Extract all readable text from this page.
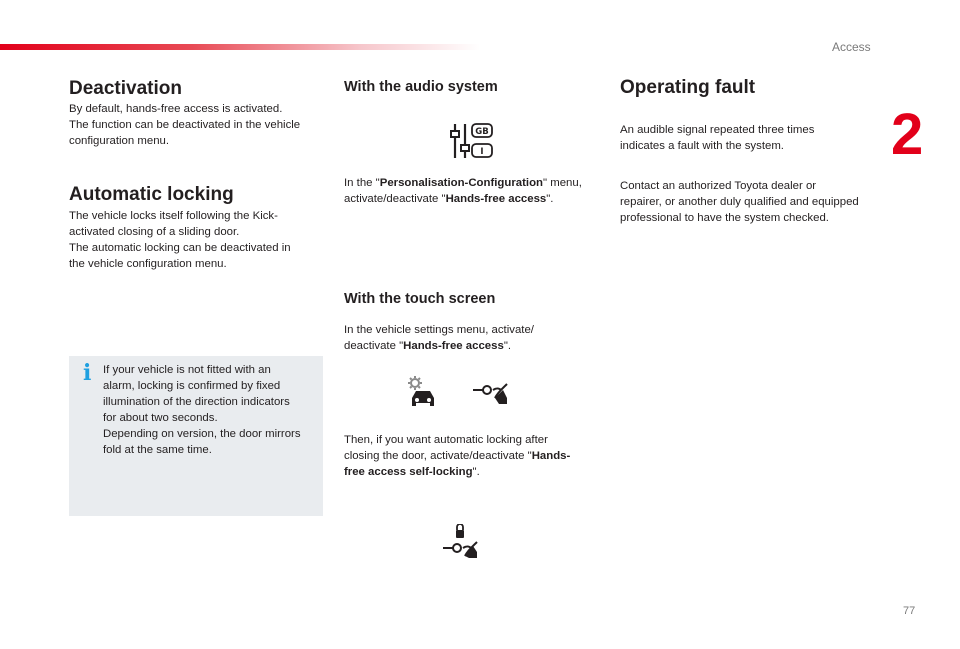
Access
2
Deactivation
By default, hands-free access is activated.
The function can be deactivated in the vehicle
configuration menu.
Automatic locking
The vehicle locks itself following the Kick-
activated closing of a sliding door.
The automatic locking can be deactivated in
the vehicle configuration menu.
i If your vehicle is not fitted with an
alarm, locking is confirmed by fixed
illumination of the direction indicators
for about two seconds.
Depending on version, the door mirrors
fold at the same time.
With the audio system
GB
I
In the "Personalisation-Configuration" menu,
activate/deactivate "Hands-free access".
With the touch screen
In the vehicle settings menu, activate/
deactivate "Hands-free access".
Then, if you want automatic locking after
closing the door, activate/deactivate "Hands-
free access self-locking".
Operating fault
An audible signal repeated three times
indicates a fault with the system.
Contact an authorized Toyota dealer or
repairer, or another duly qualified and equipped
professional to have the system checked.
77
